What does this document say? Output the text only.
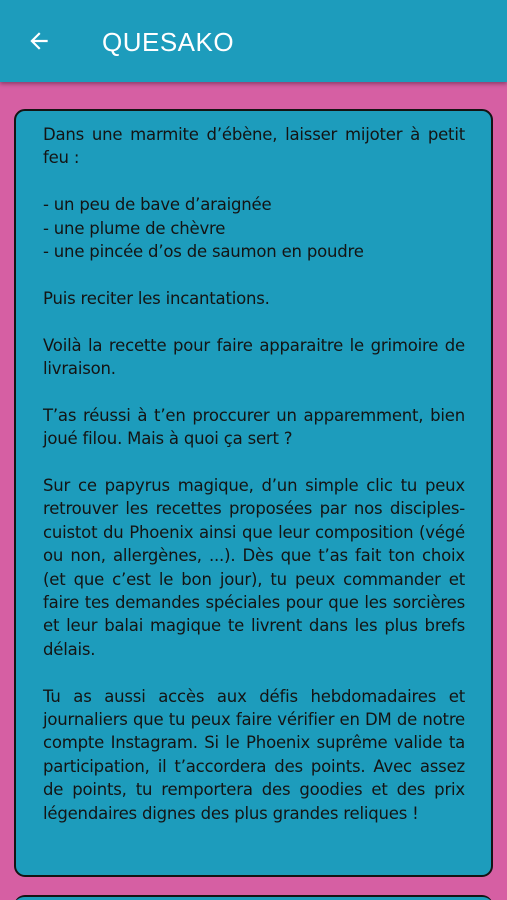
QUESAKO

Dans une marmite d’ébène, laisser mijoter à petit feu :

- un peu de bave d’araignée
- une plume de chèvre
- une pincée d’os de saumon en poudre

Puis reciter les incantations.

Voilà la recette pour faire apparaitre le grimoire de livraison.

T’as réussi à t’en proccurer un apparemment, bien joué filou. Mais à quoi ça sert ?

Sur ce papyrus magique, d’un simple clic tu peux retrouver les recettes proposées par nos disciples-cuistot du Phoenix ainsi que leur composition (végé ou non, allergènes, ...). Dès que t’as fait ton choix (et que c’est le bon jour), tu peux commander et faire tes demandes spéciales pour que les sorcières et leur balai magique te livrent dans les plus brefs délais.

Tu as aussi accès aux défis hebdomadaires et journaliers que tu peux faire vérifier en DM de notre compte Instagram. Si le Phoenix suprême valide ta participation, il t’accordera des points. Avec assez de points, tu remportera des goodies et des prix légendaires dignes des plus grandes reliques !
